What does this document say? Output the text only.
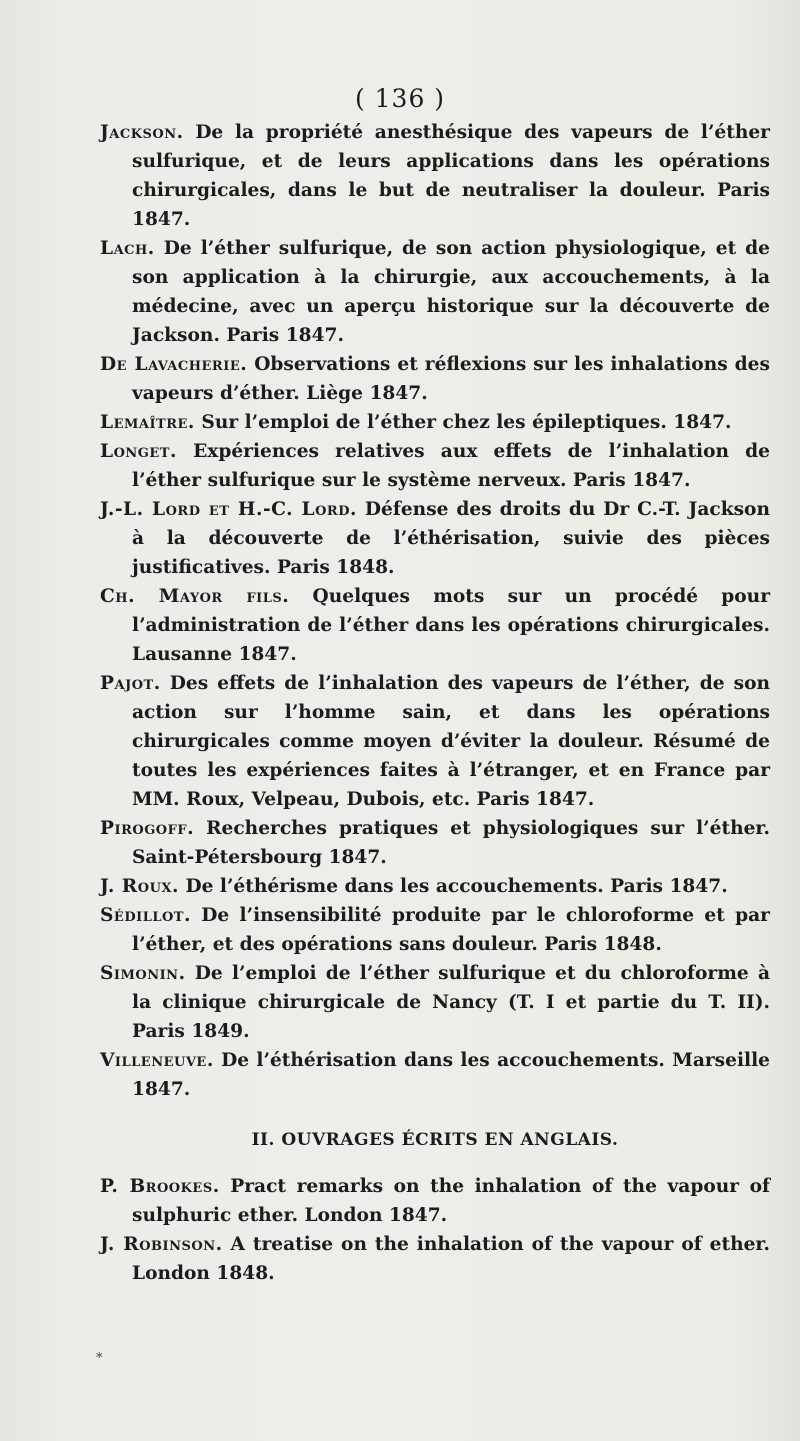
( 136 )

Jackson. De la propriété anesthésique des vapeurs de l’éther sulfurique, et de leurs applications dans les opérations chirurgicales, dans le but de neutraliser la douleur. Paris 1847.

Lach. De l’éther sulfurique, de son action physiologique, et de son application à la chirurgie, aux accouchements, à la médecine, avec un aperçu historique sur la découverte de Jackson. Paris 1847.

De Lavacherie. Observations et réflexions sur les inhalations des vapeurs d’éther. Liège 1847.

Lemaître. Sur l’emploi de l’éther chez les épileptiques. 1847.

Longet. Expériences relatives aux effets de l’inhalation de l’éther sulfurique sur le système nerveux. Paris 1847.

J.-L. Lord et H.-C. Lord. Défense des droits du Dr C.-T. Jackson à la découverte de l’éthérisation, suivie des pièces justificatives. Paris 1848.

Ch. Mayor fils. Quelques mots sur un procédé pour l’administration de l’éther dans les opérations chirurgicales. Lausanne 1847.

Pajot. Des effets de l’inhalation des vapeurs de l’éther, de son action sur l’homme sain, et dans les opérations chirurgicales comme moyen d’éviter la douleur. Résumé de toutes les expériences faites à l’étranger, et en France par MM. Roux, Velpeau, Dubois, etc. Paris 1847.

Pirogoff. Recherches pratiques et physiologiques sur l’éther. Saint-Pétersbourg 1847.

J. Roux. De l’éthérisme dans les accouchements. Paris 1847.

Sédillot. De l’insensibilité produite par le chloroforme et par l’éther, et des opérations sans douleur. Paris 1848.

Simonin. De l’emploi de l’éther sulfurique et du chloroforme à la clinique chirurgicale de Nancy (T. I et partie du T. II). Paris 1849.

Villeneuve. De l’éthérisation dans les accouchements. Marseille 1847.

II. OUVRAGES ÉCRITS EN ANGLAIS.

P. Brookes. Pract remarks on the inhalation of the vapour of sulphuric ether. London 1847.

J. Robinson. A treatise on the inhalation of the vapour of ether. London 1848.

*
